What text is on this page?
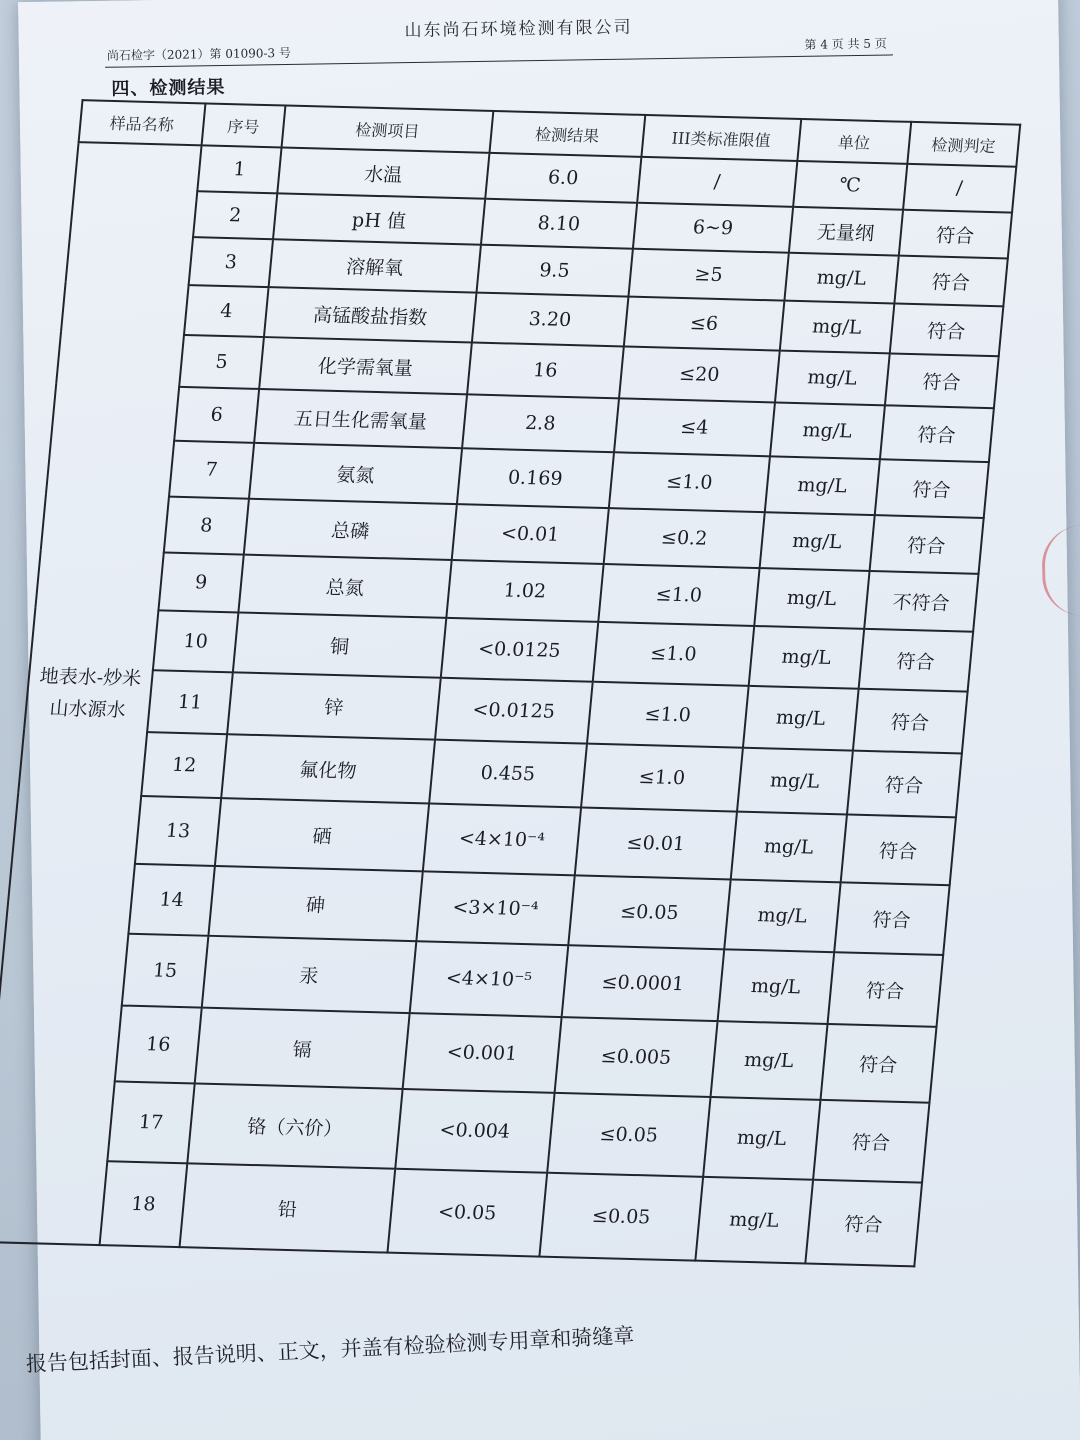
山东尚石环境检测有限公司
尚石检字（2021）第 01090-3 号
第 4 页 共 5 页
四、检测结果
样品名称	序号	检测项目	检测结果	III类标准限值	单位	检测判定
地表水-炒米山水源水	1	水温	6.0	/	℃	/
	2	pH 值	8.10	6~9	无量纲	符合
	3	溶解氧	9.5	≥5	mg/L	符合
	4	高锰酸盐指数	3.20	≤6	mg/L	符合
	5	化学需氧量	16	≤20	mg/L	符合
	6	五日生化需氧量	2.8	≤4	mg/L	符合
	7	氨氮	0.169	≤1.0	mg/L	符合
	8	总磷	<0.01	≤0.2	mg/L	符合
	9	总氮	1.02	≤1.0	mg/L	不符合
	10	铜	<0.0125	≤1.0	mg/L	符合
	11	锌	<0.0125	≤1.0	mg/L	符合
	12	氟化物	0.455	≤1.0	mg/L	符合
	13	硒	<4×10⁻⁴	≤0.01	mg/L	符合
	14	砷	<3×10⁻⁴	≤0.05	mg/L	符合
	15	汞	<4×10⁻⁵	≤0.0001	mg/L	符合
	16	镉	<0.001	≤0.005	mg/L	符合
	17	铬（六价）	<0.004	≤0.05	mg/L	符合
	18	铅	<0.05	≤0.05	mg/L	符合
报告包括封面、报告说明、正文，并盖有检验检测专用章和骑缝章
